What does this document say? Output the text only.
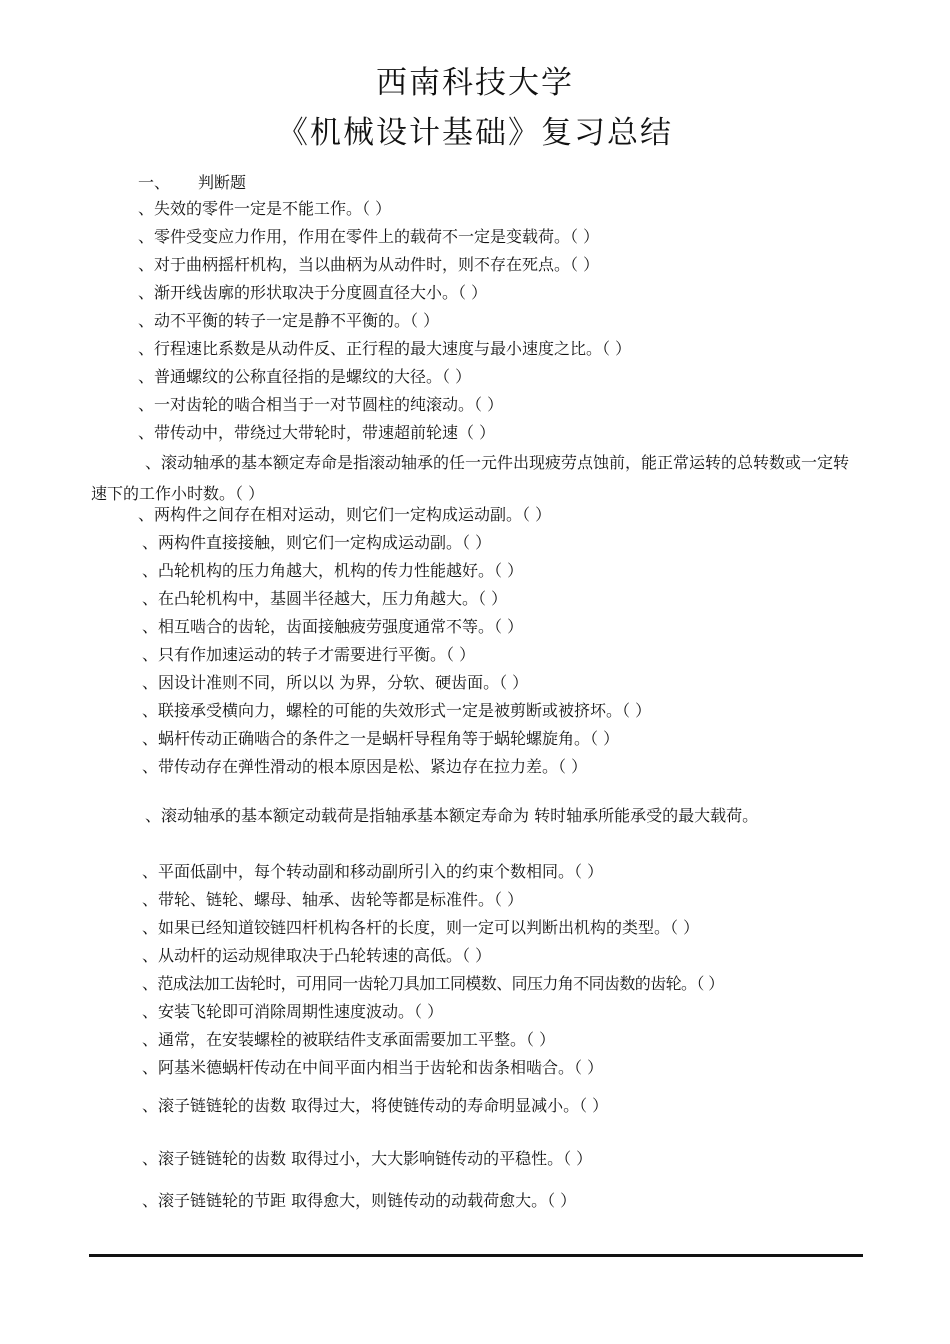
西南科技大学
《机械设计基础》复习总结
一、 判断题
、失效的零件一定是不能工作。（ ）
、零件受变应力作用，作用在零件上的载荷不一定是变载荷。（ ）
、对于曲柄摇杆机构，当以曲柄为从动件时，则不存在死点。（ ）
、渐开线齿廓的形状取决于分度圆直径大小。（ ）
、动不平衡的转子一定是静不平衡的。（ ）
、行程速比系数是从动件反、正行程的最大速度与最小速度之比。（ ）
、普通螺纹的公称直径指的是螺纹的大径。（ ）
、一对齿轮的啮合相当于一对节圆柱的纯滚动。（ ）
、带传动中，带绕过大带轮时，带速超前轮速（ ）
、滚动轴承的基本额定寿命是指滚动轴承的任一元件出现疲劳点蚀前，能正常运转的总转数或一定转速下的工作小时数。（ ）
、两构件之间存在相对运动，则它们一定构成运动副。（ ）
、两构件直接接触，则它们一定构成运动副。（ ）
、凸轮机构的压力角越大，机构的传力性能越好。（ ）
、在凸轮机构中，基圆半径越大，压力角越大。（ ）
、相互啮合的齿轮，齿面接触疲劳强度通常不等。（ ）
、只有作加速运动的转子才需要进行平衡。（ ）
、因设计准则不同，所以以 为界，分软、硬齿面。（ ）
、联接承受横向力，螺栓的可能的失效形式一定是被剪断或被挤坏。（ ）
、蜗杆传动正确啮合的条件之一是蜗杆导程角等于蜗轮螺旋角。（ ）
、带传动存在弹性滑动的根本原因是松、紧边存在拉力差。（ ）
、滚动轴承的基本额定动载荷是指轴承基本额定寿命为 转时轴承所能承受的最大载荷。
、平面低副中，每个转动副和移动副所引入的约束个数相同。（ ）
、带轮、链轮、螺母、轴承、齿轮等都是标准件。（ ）
、如果已经知道铰链四杆机构各杆的长度，则一定可以判断出机构的类型。（ ）
、从动杆的运动规律取决于凸轮转速的高低。（ ）
、范成法加工齿轮时，可用同一齿轮刀具加工同模数、同压力角不同齿数的齿轮。（ ）
、安装飞轮即可消除周期性速度波动。（ ）
、通常，在安装螺栓的被联结件支承面需要加工平整。（ ）
、阿基米德蜗杆传动在中间平面内相当于齿轮和齿条相啮合。（ ）
、滚子链链轮的齿数 取得过大，将使链传动的寿命明显减小。（ ）
、滚子链链轮的齿数 取得过小，大大影响链传动的平稳性。（ ）
、滚子链链轮的节距 取得愈大，则链传动的动载荷愈大。（ ）
